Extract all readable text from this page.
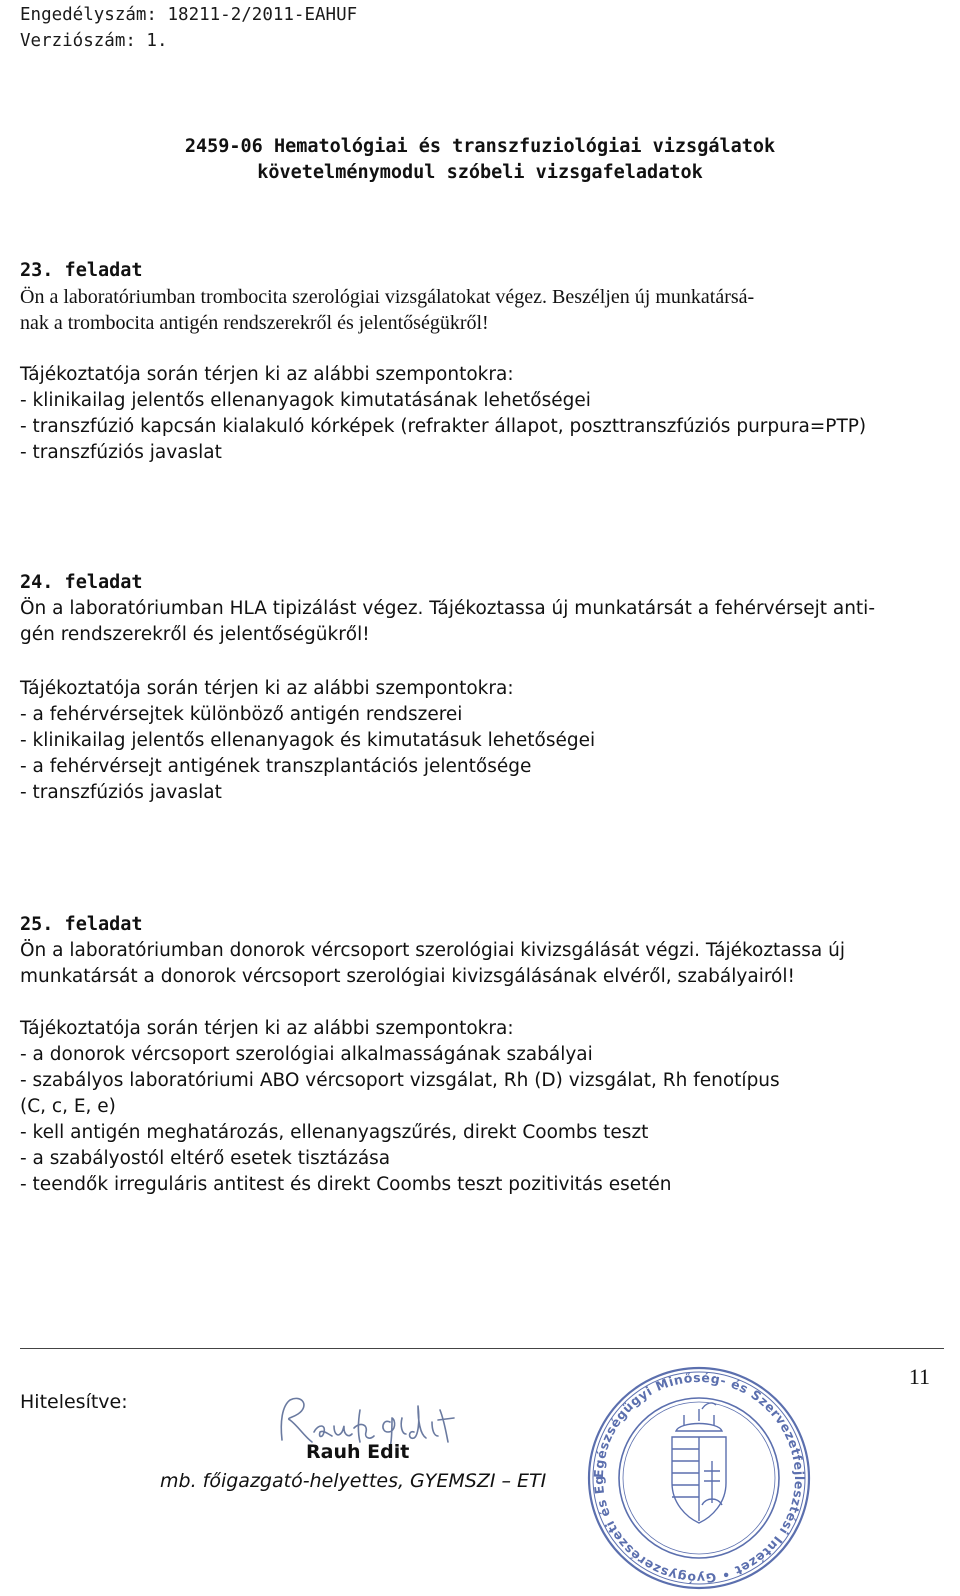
Engedélyszám: 18211-2/2011-EAHUF
Verziószám: 1.
2459-06 Hematológiai és transzfuziológiai vizsgálatok
követelménymodul szóbeli vizsgafeladatok
23. feladat
Ön a laboratóriumban trombocita szerológiai vizsgálatokat végez. Beszéljen új munkatársá-
nak a trombocita antigén rendszerekről és jelentőségükről!
Tájékoztatója során térjen ki az alábbi szempontokra:
- klinikailag jelentős ellenanyagok kimutatásának lehetőségei
- transzfúzió kapcsán kialakuló kórképek (refrakter állapot, poszttranszfúziós purpura=PTP)
- transzfúziós javaslat
24. feladat
Ön a laboratóriumban HLA tipizálást végez. Tájékoztassa új munkatársát a fehérvérsejt anti-
gén rendszerekről és jelentőségükről!
Tájékoztatója során térjen ki az alábbi szempontokra:
- a fehérvérsejtek különböző antigén rendszerei
- klinikailag jelentős ellenanyagok és kimutatásuk lehetőségei
- a fehérvérsejt antigének transzplantációs jelentősége
- transzfúziós javaslat
25. feladat
Ön a laboratóriumban donorok vércsoport szerológiai kivizsgálását végzi. Tájékoztassa új
munkatársát a donorok vércsoport szerológiai kivizsgálásának elvéről, szabályairól!
Tájékoztatója során térjen ki az alábbi szempontokra:
- a donorok vércsoport szerológiai alkalmasságának szabályai
- szabályos laboratóriumi ABO vércsoport vizsgálat, Rh (D) vizsgálat, Rh fenotípus
(C, c, E, e)
- kell antigén meghatározás, ellenanyagszűrés, direkt Coombs teszt
- a szabályostól eltérő esetek tisztázása
- teendők irreguláris antitest és direkt Coombs teszt pozitivitás esetén
11
Hitelesítve:
Rauh Edit
mb. főigazgató-helyettes, GYEMSZI – ETI	Egészségügyi Minőség- és Szervezetfejlesztési Intézet • Gyógyszerészeti és Eg
